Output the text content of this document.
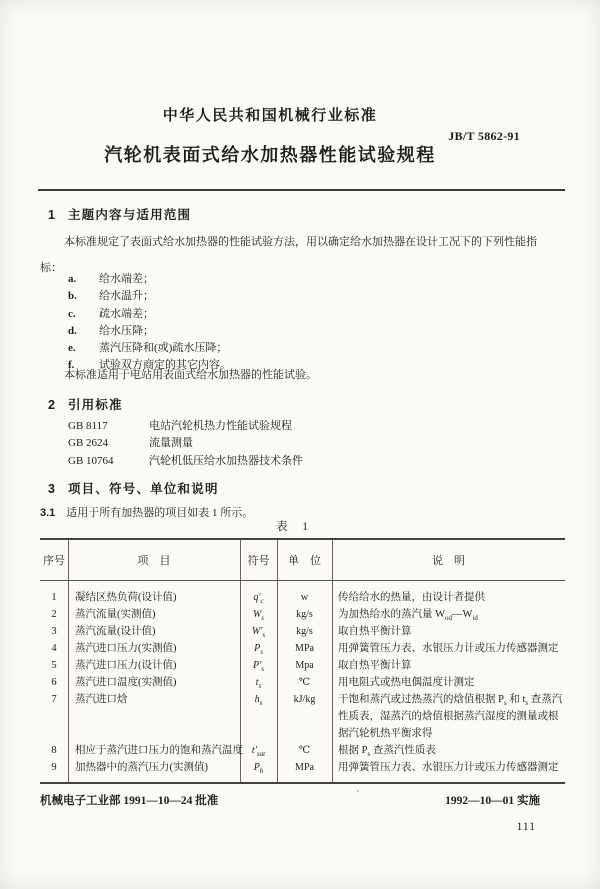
中华人民共和国机械行业标准
JB/T 5862-91
汽轮机表面式给水加热器性能试验规程
1 主题内容与适用范围
本标准规定了表面式给水加热器的性能试验方法，用以确定给水加热器在设计工况下的下列性能指标：
a. 给水端差；
b. 给水温升；
c. 疏水端差；
d. 给水压降；
e. 蒸汽压降和(或)疏水压降；
f. 试验双方商定的其它内容。
本标准适用于电站用表面式给水加热器的性能试验。
2 引用标准
GB 8117	电站汽轮机热力性能试验规程
GB 2624	流量测量
GB 10764	汽轮机低压给水加热器技术条件
3 项目、符号、单位和说明
3.1 适用于所有加热器的项目如表 1 所示。
表 1
序号	项　目	符号	单　位	说　明
1	凝结区热负荷(设计值)	$q'_c$	w	传给给水的热量，由设计者提供
2	蒸汽流量(实测值)	$W_s$	kg/s	为加热给水的蒸汽量 $W_{od}—W_{id}$
3	蒸汽流量(设计值)	$W'_s$	kg/s	取自热平衡计算
4	蒸汽进口压力(实测值)	$P_s$	MPa	用弹簧管压力表、水银压力计或压力传感器测定
5	蒸汽进口压力(设计值)	$P'_s$	Mpa	取自热平衡计算
6	蒸汽进口温度(实测值)	$t_s$	℃	用电阻式或热电偶温度计测定
7	蒸汽进口焓	$h_s$	kJ/kg	干饱和蒸汽或过热蒸汽的焓值根据 $P_s$ 和 $t_s$ 查蒸汽性质表，湿蒸汽的焓值根据蒸汽湿度的测量或根据汽轮机热平衡求得
8	相应于蒸汽进口压力的饱和蒸汽温度 $t'_{sat}$	℃	根据 $P_s$ 查蒸汽性质表
9	加热器中的蒸汽压力(实测值)	$P_h$	MPa	用弹簧管压力表、水银压力计或压力传感器测定
机械电子工业部 1991—10—24 批准
'
1992—10—01 实施
111
